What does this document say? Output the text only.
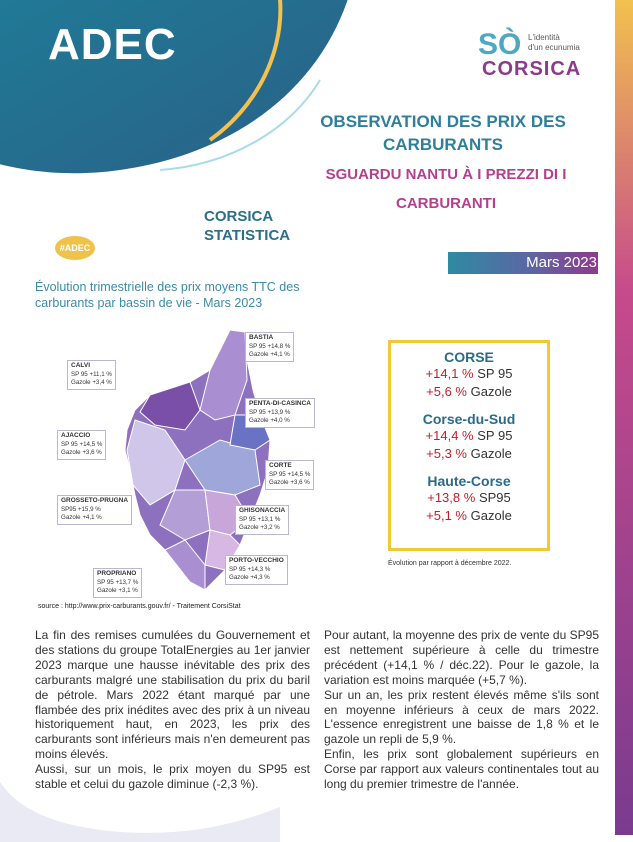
ADEC	SÒ L'identità
d'un ecunumia
CORSICA
OBSERVATION DES PRIX DES
CARBURANTS
SGUARDU NANTU À I PREZZI DI I
CARBURANTI
CORSICA
STATISTICA
#ADEC
Mars 2023
Évolution trimestrielle des prix moyens TTC des carburants par bassin de vie - Mars 2023
BASTIA
SP 95 +14,8 %
Gazole +4,1 %
CALVI
SP 95 +11,1 %
Gazole +3,4 %
PENTA-DI-CASINCA
SP 95 +13,9 %
Gazole +4,0 %
AJACCIO
SP 95 +14,5 %
Gazole +3,6 %
CORTE
SP 95 +14,5 %
Gazole +3,6 %
GROSSETO-PRUGNA
SP95 +15,9 %
Gazole +4,1 %
GHISONACCIA
SP 95 +13,1 %
Gazole +3,2 %
PORTO-VECCHIO
SP 95 +14,3 %
Gazole +4,3 %
PROPRIANO
SP 95 +13,7 %
Gazole +3,1 %
source : http://www.prix-carburants.gouv.fr/ - Traitement CorsiStat
CORSE
+14,1 % SP 95
+5,6 % Gazole
Corse-du-Sud
+14,4 % SP 95
+5,3 % Gazole
Haute-Corse
+13,8 % SP95
+5,1 % Gazole
Évolution par rapport à décembre 2022.

La fin des remises cumulées du Gouvernement et des stations du groupe TotalEnergies au 1er janvier 2023 marque une hausse inévitable des prix des carburants malgré une stabilisation du prix du baril de pétrole. Mars 2022 étant marqué par une flambée des prix inédites avec des prix à un niveau historiquement haut, en 2023, les prix des carburants sont inférieurs mais n'en demeurent pas moins élevés.

Aussi, sur un mois, le prix moyen du SP95 est stable et celui du gazole diminue (-2,3 %).

Pour autant, la moyenne des prix de vente du SP95 est nettement supérieure à celle du trimestre précédent (+14,1 % / déc.22). Pour le gazole, la variation est moins marquée (+5,7 %).

Sur un an, les prix restent élevés même s'ils sont en moyenne inférieurs à ceux de mars 2022. L'essence enregistrent une baisse de 1,8 % et le gazole un repli de 5,9 %.

Enfin, les prix sont globalement supérieurs en Corse par rapport aux valeurs continentales tout au long du premier trimestre de l'année.
